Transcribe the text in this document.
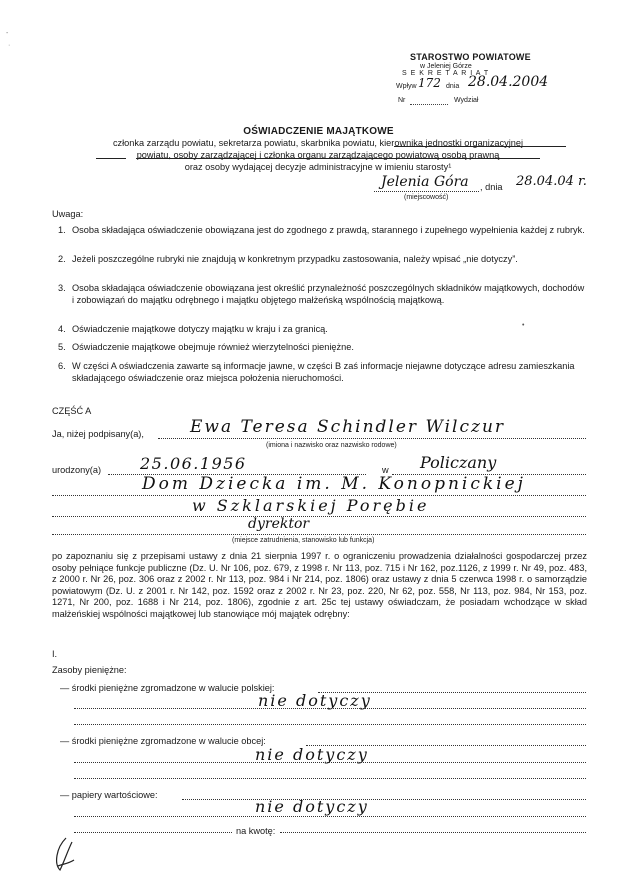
-
·
STAROSTWO POWIATOWE
w Jeleniej Górze
S E K R E T A R I A T
Wpływ 172 dnia 28.04.2004
Nr	Wydział
OŚWIADCZENIE MAJĄTKOWE
członka zarządu powiatu, sekretarza powiatu, skarbnika powiatu, kierownika jednostki organizacyjnej
powiatu, osoby zarządzającej i członka organu zarządzającego powiatową osobą prawną
oraz osoby wydającej decyzje administracyjne w imieniu starosty¹
Jelenia Góra , dnia 28.04.04 r.
(miejscowość)
Uwaga:
1. Osoba składająca oświadczenie obowiązana jest do zgodnego z prawdą, starannego i zupełnego wypełnienia każdej z rubryk.
2. Jeżeli poszczególne rubryki nie znajdują w konkretnym przypadku zastosowania, należy wpisać „nie dotyczy”.
3. Osoba składająca oświadczenie obowiązana jest określić przynależność poszczególnych składników majątkowych, dochodów i zobowiązań do majątku odrębnego i majątku objętego małżeńską wspólnością majątkową.
4. Oświadczenie majątkowe dotyczy majątku w kraju i za granicą.
5. Oświadczenie majątkowe obejmuje również wierzytelności pieniężne.
6. W części A oświadczenia zawarte są informacje jawne, w części B zaś informacje niejawne dotyczące adresu zamieszkania składającego oświadczenie oraz miejsca położenia nieruchomości.
CZĘŚĆ A
Ja, niżej podpisany(a),	Ewa Teresa Schindler Wilczur
(imiona i nazwisko oraz nazwisko rodowe)
urodzony(a) 25.06.1956	w Policzany
Dom Dziecka im. M. Konopnickiej
w Szklarskiej Porębie
dyrektor
(miejsce zatrudnienia, stanowisko lub funkcja)
po zapoznaniu się z przepisami ustawy z dnia 21 sierpnia 1997 r. o ograniczeniu prowadzenia działalności gospodarczej przez osoby pełniące funkcje publiczne (Dz. U. Nr 106, poz. 679, z 1998 r. Nr 113, poz. 715 i Nr 162, poz.1126, z 1999 r. Nr 49, poz. 483, z 2000 r. Nr 26, poz. 306 oraz z 2002 r. Nr 113, poz. 984 i Nr 214, poz. 1806) oraz ustawy z dnia 5 czerwca 1998 r. o samorządzie powiatowym (Dz. U. z 2001 r. Nr 142, poz. 1592 oraz z 2002 r. Nr 23, poz. 220, Nr 62, poz. 558, Nr 113, poz. 984, Nr 153, poz. 1271, Nr 200, poz. 1688 i Nr 214, poz. 1806), zgodnie z art. 25c tej ustawy oświadczam, że posiadam wchodzące w skład małżeńskiej wspólności majątkowej lub stanowiące mój majątek odrębny:
I.
Zasoby pieniężne:
— środki pieniężne zgromadzone w walucie polskiej:
nie dotyczy
— środki pieniężne zgromadzone w walucie obcej:
nie dotyczy
— papiery wartościowe:
nie dotyczy
na kwotę:
•
